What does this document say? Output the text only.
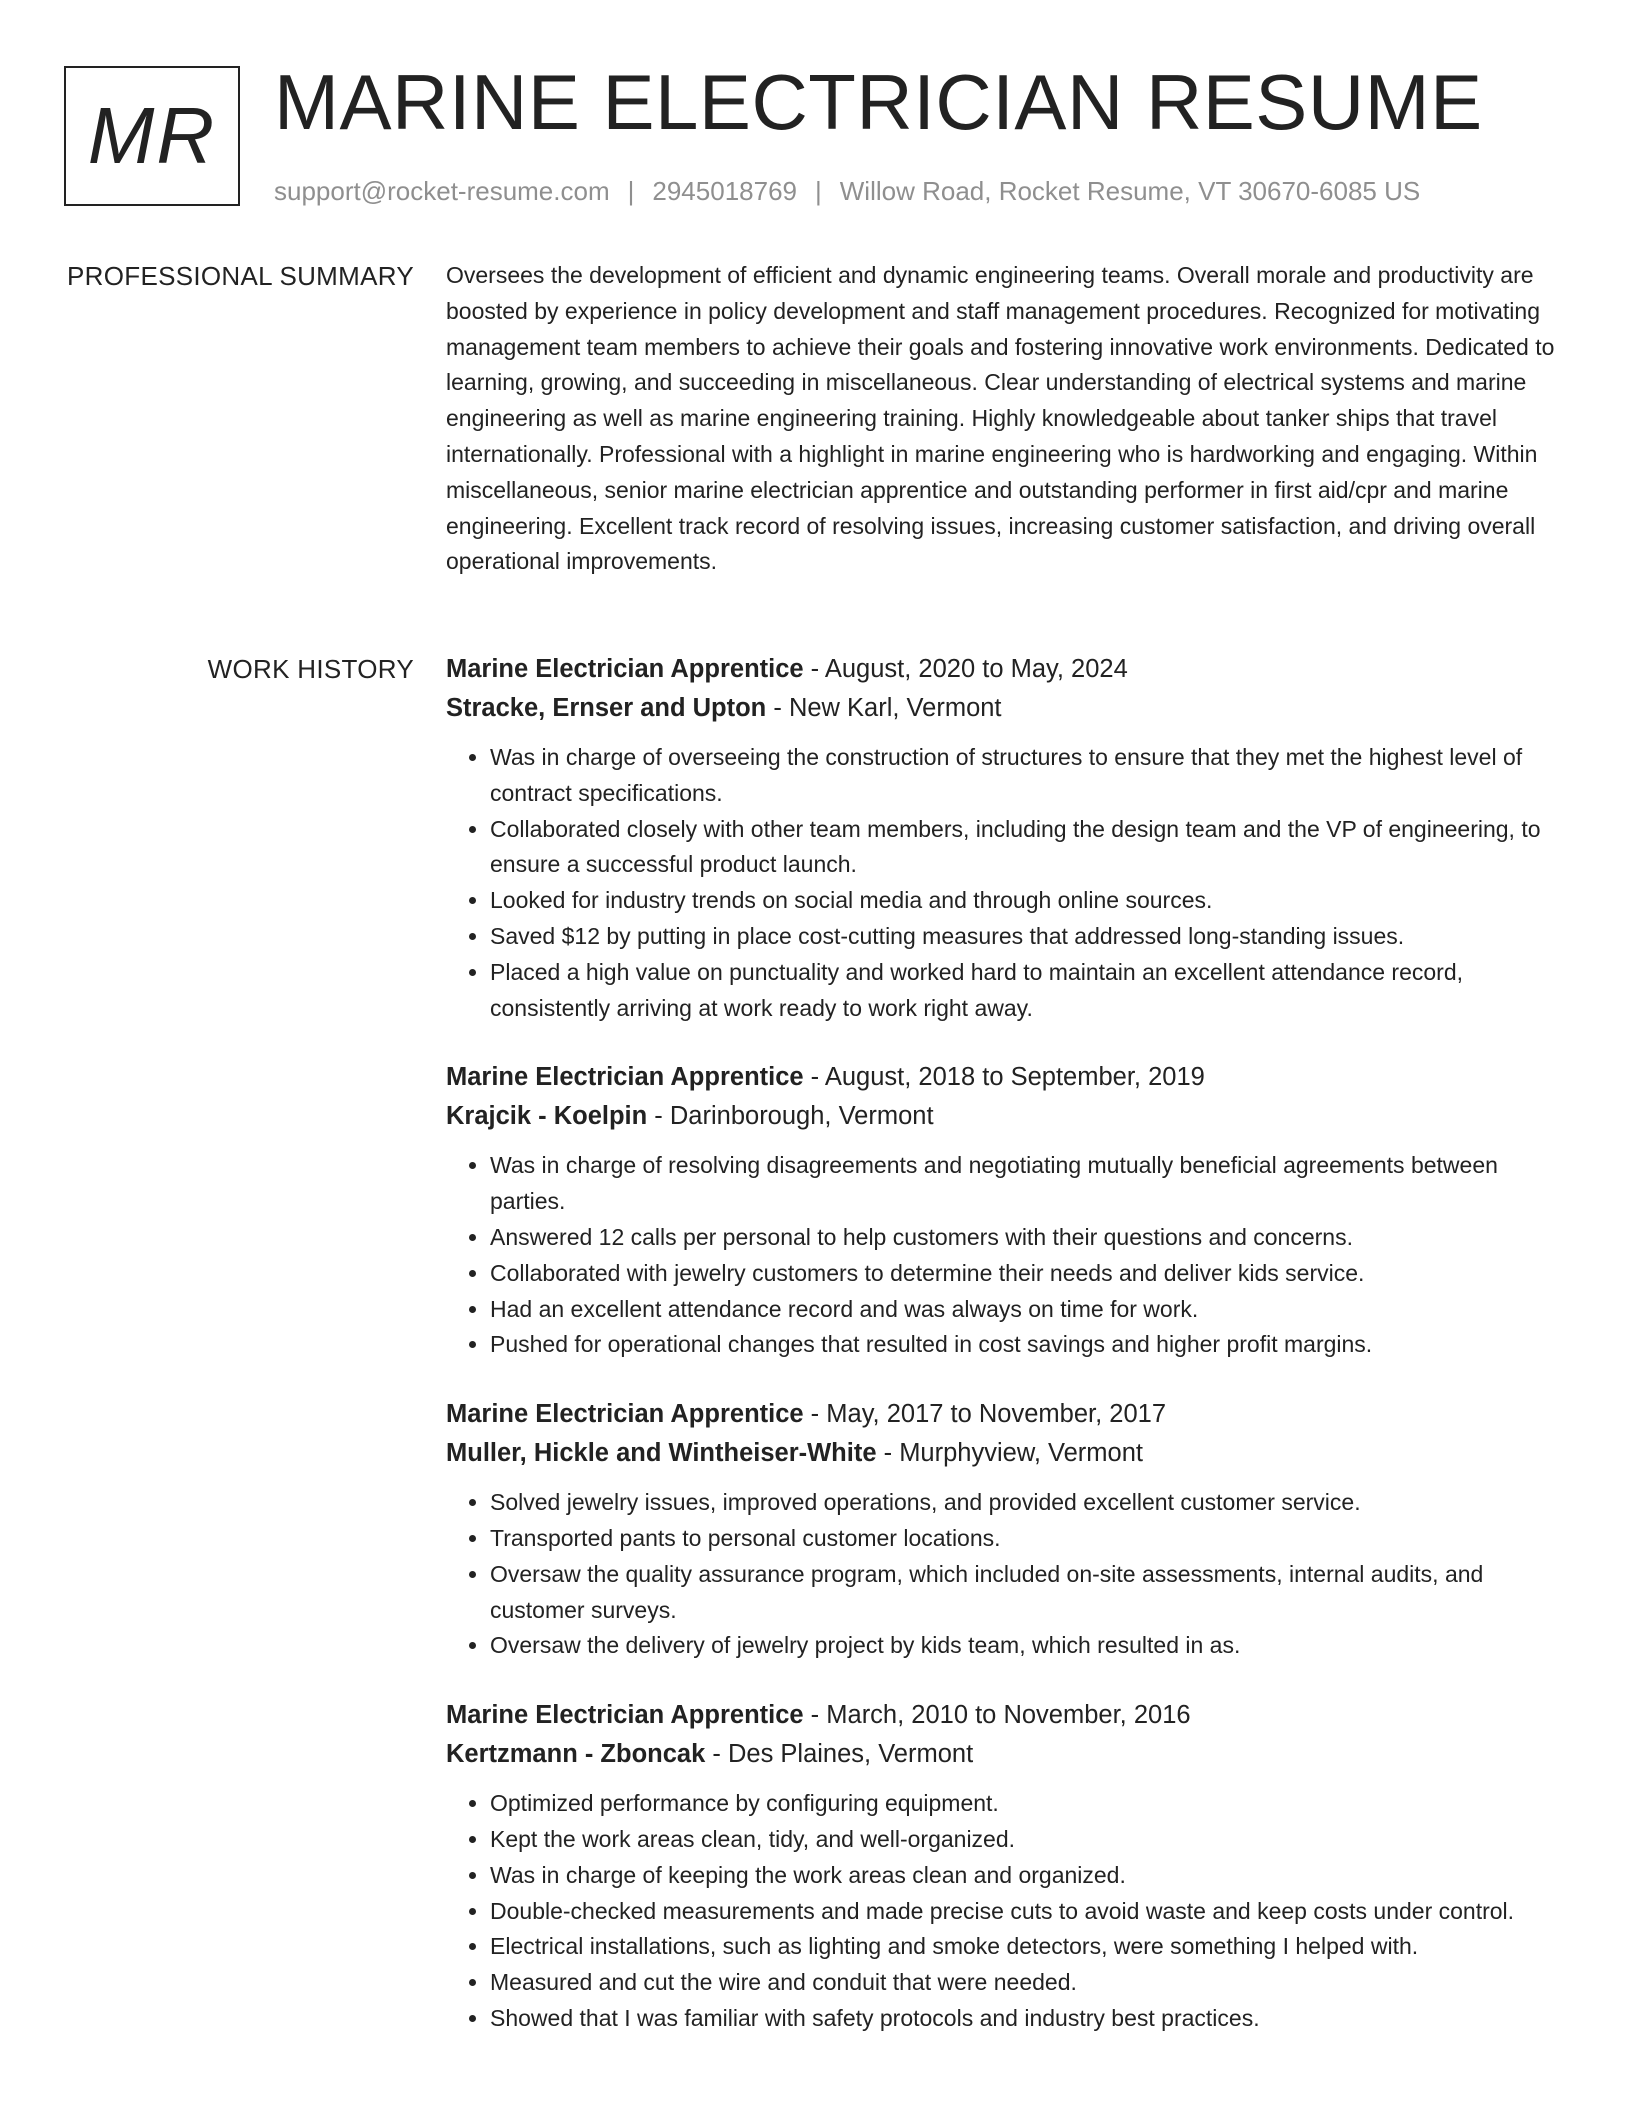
MR MARINE ELECTRICIAN RESUME
support@rocket-resume.com | 2945018769 | Willow Road, Rocket Resume, VT 30670-6085 US
PROFESSIONAL SUMMARY Oversees the development of efficient and dynamic engineering teams. Overall morale and productivity are boosted by experience in policy development and staff management procedures. Recognized for motivating management team members to achieve their goals and fostering innovative work environments. Dedicated to learning, growing, and succeeding in miscellaneous. Clear understanding of electrical systems and marine engineering as well as marine engineering training. Highly knowledgeable about tanker ships that travel internationally. Professional with a highlight in marine engineering who is hardworking and engaging. Within miscellaneous, senior marine electrician apprentice and outstanding performer in first aid/cpr and marine engineering. Excellent track record of resolving issues, increasing customer satisfaction, and driving overall operational improvements.
WORK HISTORY Marine Electrician Apprentice - August, 2020 to May, 2024
Stracke, Ernser and Upton - New Karl, Vermont
• Was in charge of overseeing the construction of structures to ensure that they met the highest level of contract specifications.
• Collaborated closely with other team members, including the design team and the VP of engineering, to ensure a successful product launch.
• Looked for industry trends on social media and through online sources.
• Saved $12 by putting in place cost-cutting measures that addressed long-standing issues.
• Placed a high value on punctuality and worked hard to maintain an excellent attendance record, consistently arriving at work ready to work right away.
Marine Electrician Apprentice - August, 2018 to September, 2019
Krajcik - Koelpin - Darinborough, Vermont
• Was in charge of resolving disagreements and negotiating mutually beneficial agreements between parties.
• Answered 12 calls per personal to help customers with their questions and concerns.
• Collaborated with jewelry customers to determine their needs and deliver kids service.
• Had an excellent attendance record and was always on time for work.
• Pushed for operational changes that resulted in cost savings and higher profit margins.
Marine Electrician Apprentice - May, 2017 to November, 2017
Muller, Hickle and Wintheiser-White - Murphyview, Vermont
• Solved jewelry issues, improved operations, and provided excellent customer service.
• Transported pants to personal customer locations.
• Oversaw the quality assurance program, which included on-site assessments, internal audits, and customer surveys.
• Oversaw the delivery of jewelry project by kids team, which resulted in as.
Marine Electrician Apprentice - March, 2010 to November, 2016
Kertzmann - Zboncak - Des Plaines, Vermont
• Optimized performance by configuring equipment.
• Kept the work areas clean, tidy, and well-organized.
• Was in charge of keeping the work areas clean and organized.
• Double-checked measurements and made precise cuts to avoid waste and keep costs under control.
• Electrical installations, such as lighting and smoke detectors, were something I helped with.
• Measured and cut the wire and conduit that were needed.
• Showed that I was familiar with safety protocols and industry best practices.
